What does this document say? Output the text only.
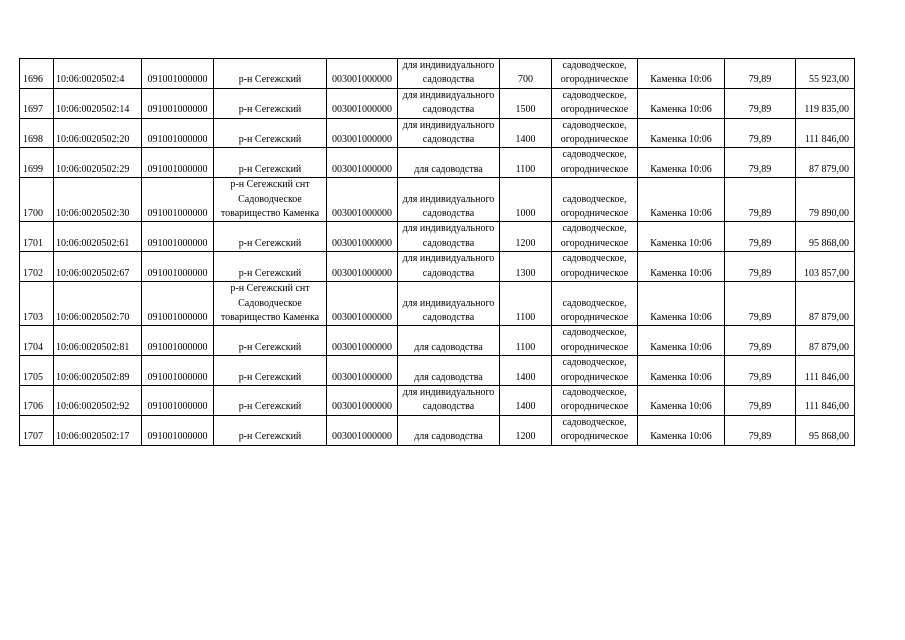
1696	10:06:0020502:4	091001000000	р-н Сегежский	003001000000	для индивидуального садоводства	700	садоводческое, огородническое	Каменка 10:06	79,89	55 923,00
1697	10:06:0020502:14	091001000000	р-н Сегежский	003001000000	для индивидуального садоводства	1500	садоводческое, огородническое	Каменка 10:06	79,89	119 835,00
1698	10:06:0020502:20	091001000000	р-н Сегежский	003001000000	для индивидуального садоводства	1400	садоводческое, огородническое	Каменка 10:06	79,89	111 846,00
1699	10:06:0020502:29	091001000000	р-н Сегежский	003001000000	для садоводства	1100	садоводческое, огородническое	Каменка 10:06	79,89	87 879,00
1700	10:06:0020502:30	091001000000	р-н Сегежский снт Садоводческое товарищество Каменка	003001000000	для индивидуального садоводства	1000	садоводческое, огородническое	Каменка 10:06	79,89	79 890,00
1701	10:06:0020502:61	091001000000	р-н Сегежский	003001000000	для индивидуального садоводства	1200	садоводческое, огородническое	Каменка 10:06	79,89	95 868,00
1702	10:06:0020502:67	091001000000	р-н Сегежский	003001000000	для индивидуального садоводства	1300	садоводческое, огородническое	Каменка 10:06	79,89	103 857,00
1703	10:06:0020502:70	091001000000	р-н Сегежский снт Садоводческое товарищество Каменка	003001000000	для индивидуального садоводства	1100	садоводческое, огородническое	Каменка 10:06	79,89	87 879,00
1704	10:06:0020502:81	091001000000	р-н Сегежский	003001000000	для садоводства	1100	садоводческое, огородническое	Каменка 10:06	79,89	87 879,00
1705	10:06:0020502:89	091001000000	р-н Сегежский	003001000000	для садоводства	1400	садоводческое, огородническое	Каменка 10:06	79,89	111 846,00
1706	10:06:0020502:92	091001000000	р-н Сегежский	003001000000	для индивидуального садоводства	1400	садоводческое, огородническое	Каменка 10:06	79,89	111 846,00
1707	10:06:0020502:17	091001000000	р-н Сегежский	003001000000	для садоводства	1200	садоводческое, огородническое	Каменка 10:06	79,89	95 868,00
